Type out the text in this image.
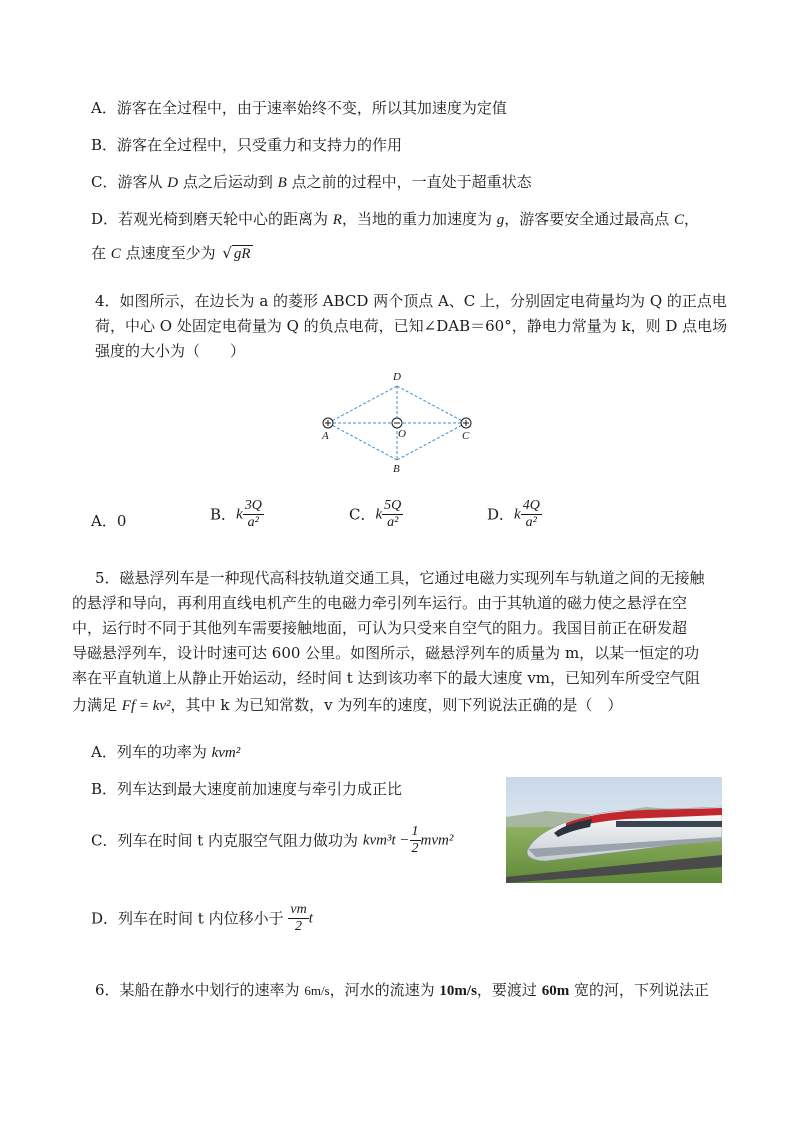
A．游客在全过程中，由于速率始终不变，所以其加速度为定值
B．游客在全过程中，只受重力和支持力的作用
C．游客从 D 点之后运动到 B 点之前的过程中，一直处于超重状态
D．若观光椅到磨天轮中心的距离为 R，当地的重力加速度为 g，游客要安全通过最高点 C，
在 C 点速度至少为 √ gR
4．如图所示，在边长为 a 的菱形 ABCD 两个顶点 A、C 上，分别固定电荷量均为 Q 的正点电
荷，中心 O 处固定电荷量为 Q 的负点电荷，已知∠DAB＝60°，静电力常量为 k，则 D 点电场
强度的大小为（　　）
D
A	O	C
B
A．0	B．k $\frac{3Q}{\text{a²}}$	C．k $\frac{5Q}{\text{a²}}$	D．k $\frac{4Q}{\text{a²}}$
5．磁悬浮列车是一种现代高科技轨道交通工具，它通过电磁力实现列车与轨道之间的无接触
的悬浮和导向，再利用直线电机产生的电磁力牵引列车运行。由于其轨道的磁力使之悬浮在空
中，运行时不同于其他列车需要接触地面，可认为只受来自空气的阻力。我国目前正在研发超
导磁悬浮列车，设计时速可达 600 公里。如图所示，磁悬浮列车的质量为 m，以某一恒定的功
率在平直轨道上从静止开始运动，经时间 t 达到该功率下的最大速度 vm，已知列车所受空气阻
力满足 Ff = kv²，其中 k 为已知常数，v 为列车的速度，则下列说法正确的是（　）
A．列车的功率为 kvm²
B．列车达到最大速度前加速度与牵引力成正比
C．列车在时间 t 内克服空气阻力做功为 $kvm^3t - \frac{1}{2} mvm^2$
D．列车在时间 t 内位移小于 $\frac{vm}{2}$ t
6．某船在静水中划行的速率为 6m/s，河水的流速为 10m/s，要渡过 60m 宽的河，下列说法正
